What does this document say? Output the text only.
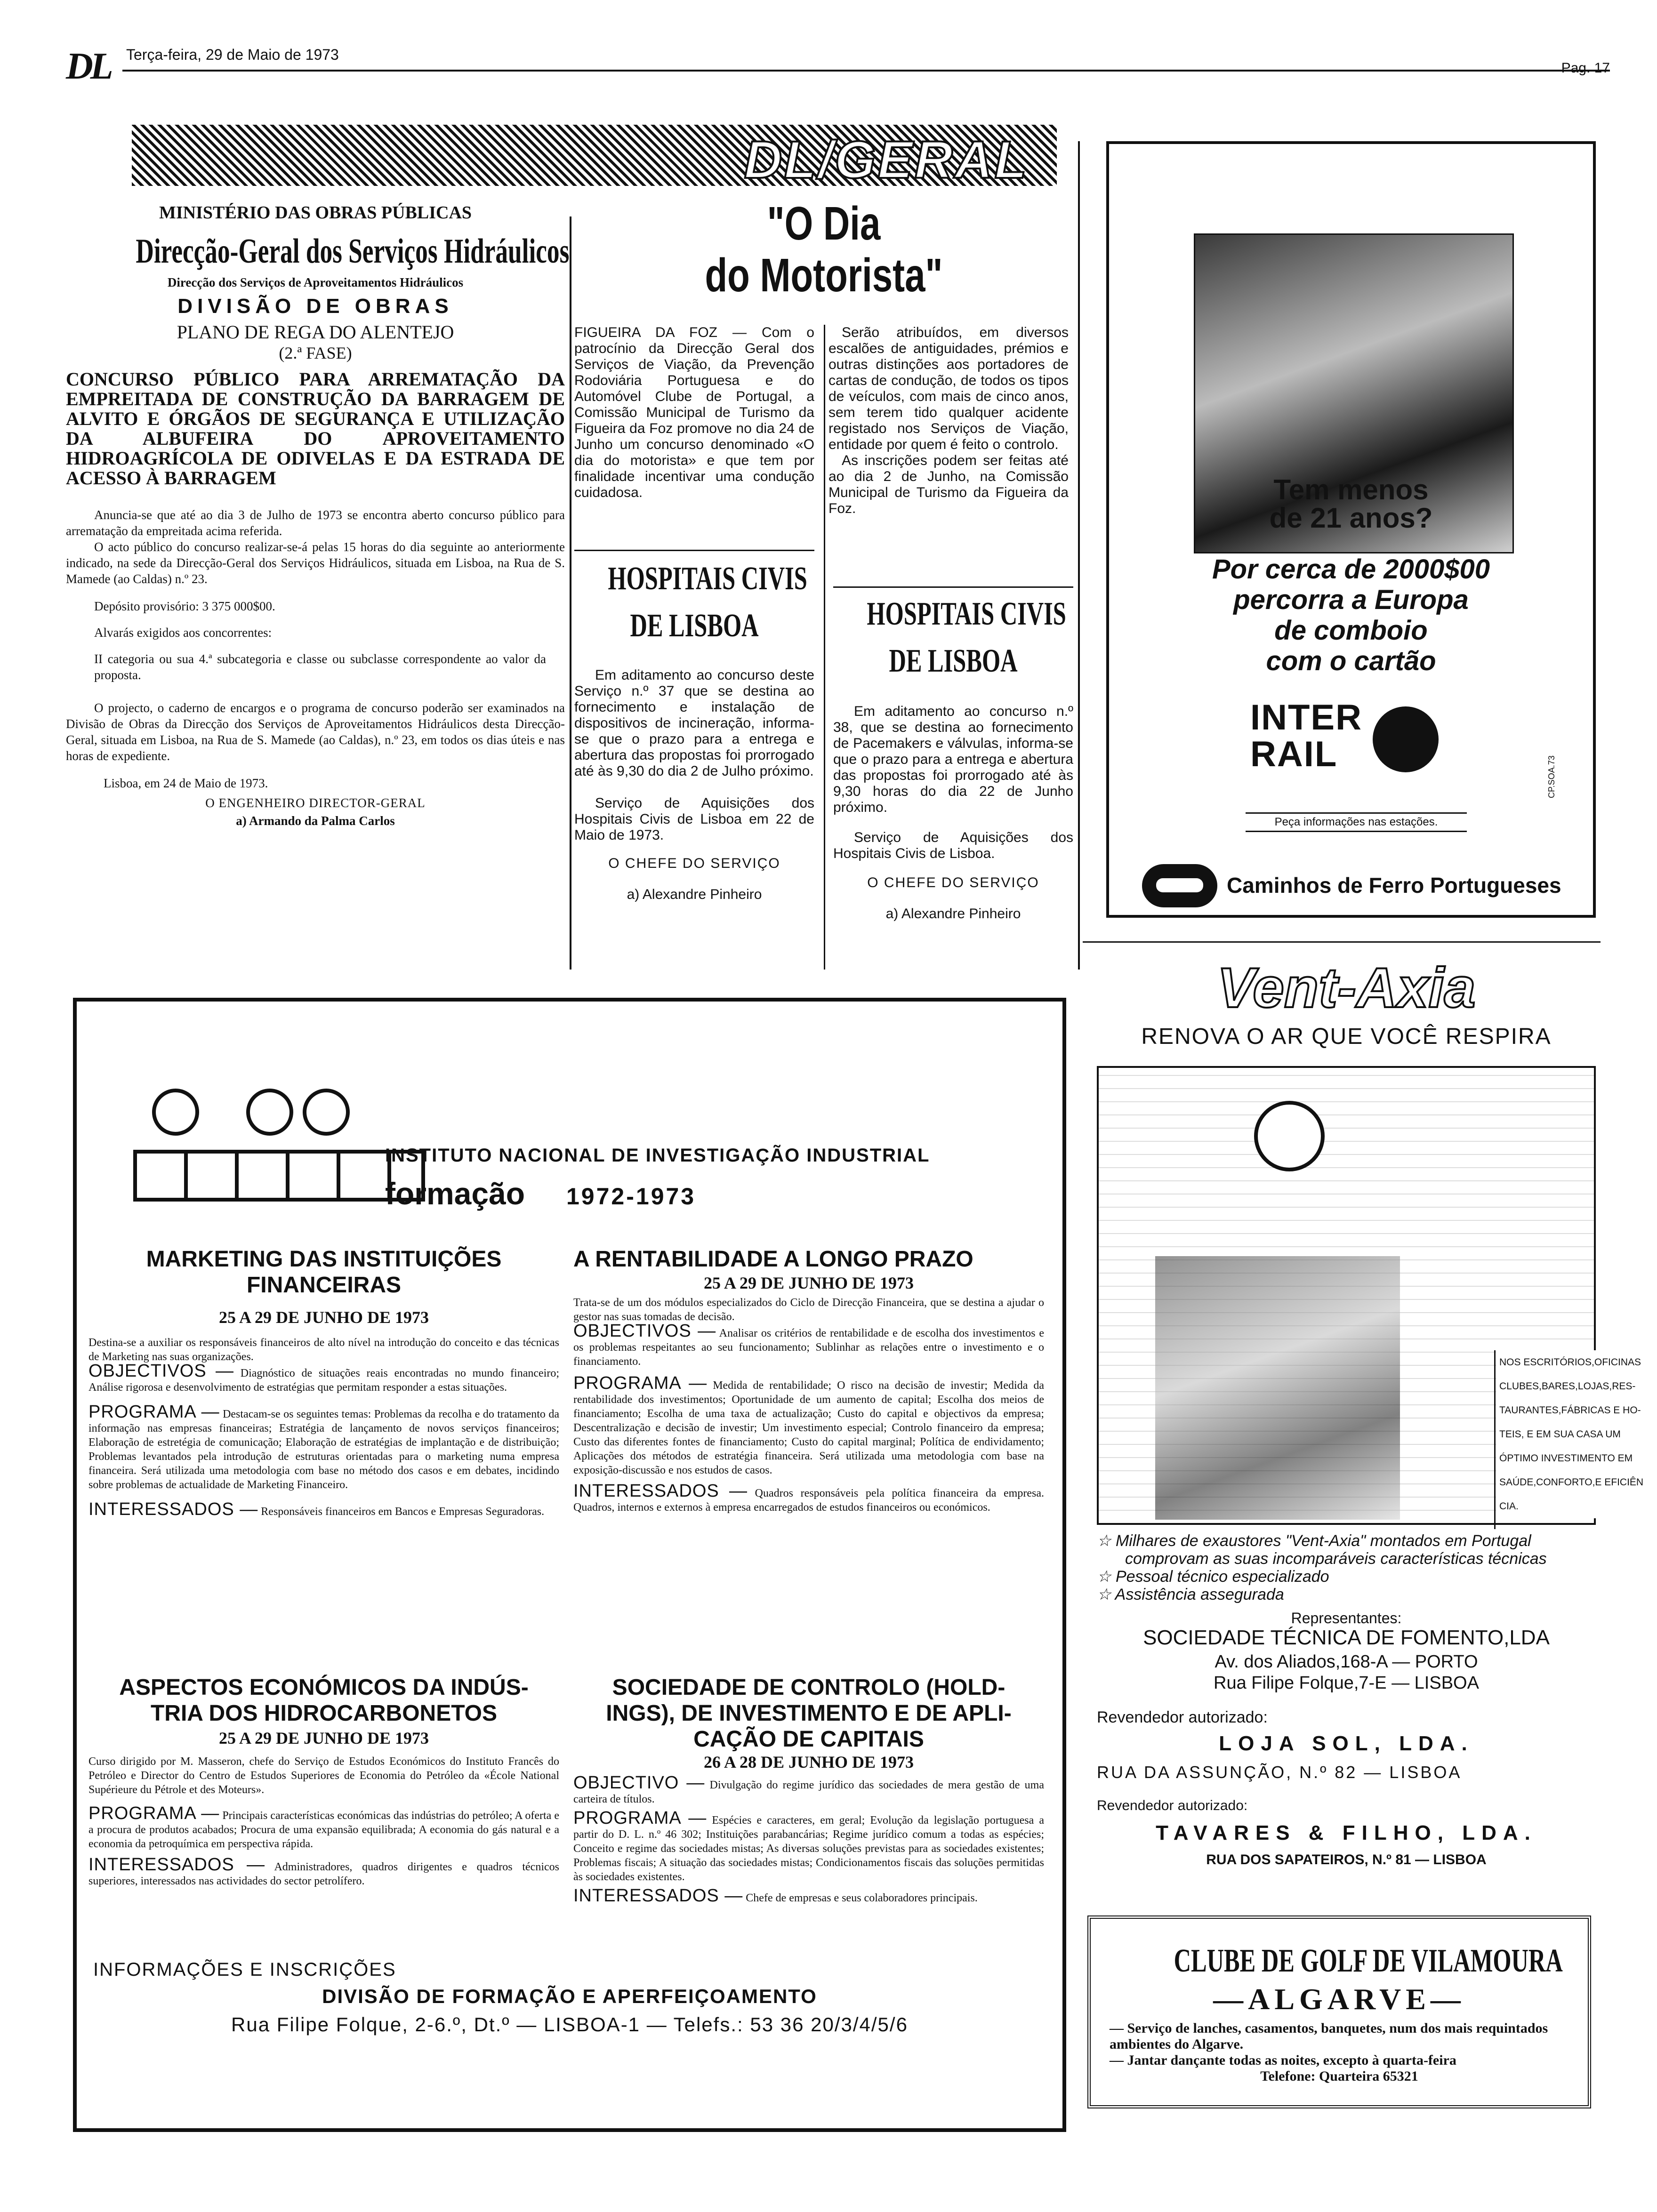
DL Terça-feira, 29 de Maio de 1973
Pag. 17
DL/GERAL
MINISTÉRIO DAS OBRAS PÚBLICAS
Direcção-Geral dos Serviços Hidráulicos
Direcção dos Serviços de Aproveitamentos Hidráulicos
DIVISÃO DE OBRAS
PLANO DE REGA DO ALENTEJO
(2.ª FASE)

CONCURSO PÚBLICO PARA ARREMATAÇÃO DA EMPREITADA DE CONSTRUÇÃO DA BARRAGEM DE ALVITO E ÓRGÃOS DE SEGURANÇA E UTILIZAÇÃO DA ALBUFEIRA DO APROVEITAMENTO HIDROAGRÍCOLA DE ODIVELAS E DA ESTRADA DE ACESSO À BARRAGEM

Anuncia-se que até ao dia 3 de Julho de 1973 se encontra aberto concurso público para arrematação da empreitada acima referida.

O acto público do concurso realizar-se-á pelas 15 horas do dia seguinte ao anteriormente indicado, na sede da Direcção-Geral dos Serviços Hidráulicos, situada em Lisboa, na Rua de S. Mamede (ao Caldas) n.º 23.

Depósito provisório: 3 375 000$00.

Alvarás exigidos aos concorrentes:

II categoria ou sua 4.ª subcategoria e classe ou subclasse correspondente ao valor da proposta.

O projecto, o caderno de encargos e o programa de concurso poderão ser examinados na Divisão de Obras da Direcção dos Serviços de Aproveitamentos Hidráulicos desta Direcção-Geral, situada em Lisboa, na Rua de S. Mamede (ao Caldas), n.º 23, em todos os dias úteis e nas horas de expediente.

Lisboa, em 24 de Maio de 1973.

O ENGENHEIRO DIRECTOR-GERAL

a) Armando da Palma Carlos

"O Dia
do Motorista"
FIGUEIRA DA FOZ — Com o patrocínio da Direcção Geral dos Serviços de Viação, da Prevenção Rodoviária Portuguesa e do Automóvel Clube de Portugal, a Comissão Municipal de Turismo da Figueira da Foz promove no dia 24 de Junho um concurso denominado «O dia do motorista» e que tem por finalidade incentivar uma condução cuidadosa.

Serão atribuídos, em diversos escalões de antiguidades, prémios e outras distinções aos portadores de cartas de condução, de todos os tipos de veículos, com mais de cinco anos, sem terem tido qualquer acidente registado nos Serviços de Viação, entidade por quem é feito o controlo.

As inscrições podem ser feitas até ao dia 2 de Junho, na Comissão Municipal de Turismo da Figueira da Foz.

HOSPITAIS CIVIS
DE LISBOA

Em aditamento ao concurso deste Serviço n.º 37 que se destina ao fornecimento e instalação de dispositivos de incineração, informa-se que o prazo para a entrega e abertura das propostas foi prorrogado até às 9,30 do dia 2 de Julho próximo.

Serviço de Aquisições dos Hospitais Civis de Lisboa em 22 de Maio de 1973.

O CHEFE DO SERVIÇO

a) Alexandre Pinheiro

HOSPITAIS CIVIS
DE LISBOA

Em aditamento ao concurso n.º 38, que se destina ao fornecimento de Pacemakers e válvulas, informa-se que o prazo para a entrega e abertura das propostas foi prorrogado até às 9,30 horas do dia 22 de Junho próximo.

Serviço de Aquisições dos Hospitais Civis de Lisboa.

O CHEFE DO SERVIÇO

a) Alexandre Pinheiro

Tem menos
de 21 anos?
Por cerca de 2000$00
percorra a Europa
de comboio
com o cartão
INTER
RAIL
Peça informações nas estações.
CP.SOA.73
Caminhos de Ferro Portugueses
Vent-Axia
RENOVA O AR QUE VOCÊ RESPIRA
NOS ESCRITÓRIOS,OFICINAS
CLUBES,BARES,LOJAS,RES-
TAURANTES,FÁBRICAS E HO-
TEIS, E EM SUA CASA UM
ÓPTIMO INVESTIMENTO EM
SAÚDE,CONFORTO,E EFICIÊN
CIA.
☆ Milhares de exaustores "Vent-Axia" montados em Portugal
comprovam as suas incomparáveis características técnicas
☆ Pessoal técnico especializado
☆ Assistência assegurada
Representantes:
SOCIEDADE TÉCNICA DE FOMENTO,LDA
Av. dos Aliados,168-A — PORTO
Rua Filipe Folque,7-E — LISBOA
Revendedor autorizado:
LOJA SOL, LDA.
RUA DA ASSUNÇÃO, N.º 82 — LISBOA
Revendedor autorizado:
TAVARES & FILHO, LDA.
RUA DOS SAPATEIROS, N.º 81 — LISBOA
CLUBE DE GOLF DE VILAMOURA
—ALGARVE—

— Serviço de lanches, casamentos, banquetes, num dos mais requintados ambientes do Algarve.

— Jantar dançante todas as noites, excepto à quarta-feira

Telefone: Quarteira 65321

INSTITUTO NACIONAL DE INVESTIGAÇÃO INDUSTRIAL
formação 1972-1973
MARKETING DAS INSTITUIÇÕES
FINANCEIRAS
25 A 29 DE JUNHO DE 1973

Destina-se a auxiliar os responsáveis financeiros de alto nível na introdução do conceito e das técnicas de Marketing nas suas organizações.

OBJECTIVOS — Diagnóstico de situações reais encontradas no mundo financeiro; Análise rigorosa e desenvolvimento de estratégias que permitam responder a estas situações.

PROGRAMA — Destacam-se os seguintes temas: Problemas da recolha e do tratamento da informação nas empresas financeiras; Estratégia de lançamento de novos serviços financeiros; Elaboração de estretégia de comunicação; Elaboração de estratégias de implantação e de distribuição; Problemas levantados pela introdução de estruturas orientadas para o marketing numa empresa financeira. Será utilizada uma metodologia com base no método dos casos e em debates, incidindo sobre problemas de actualidade de Marketing Financeiro.

INTERESSADOS — Responsáveis financeiros em Bancos e Empresas Seguradoras.

A RENTABILIDADE A LONGO PRAZO
25 A 29 DE JUNHO DE 1973

Trata-se de um dos módulos especializados do Ciclo de Direcção Financeira, que se destina a ajudar o gestor nas suas tomadas de decisão.

OBJECTIVOS — Analisar os critérios de rentabilidade e de escolha dos investimentos e os problemas respeitantes ao seu funcionamento; Sublinhar as relações entre o investimento e o financiamento.

PROGRAMA — Medida de rentabilidade; O risco na decisão de investir; Medida da rentabilidade dos investimentos; Oportunidade de um aumento de capital; Escolha dos meios de financiamento; Escolha de uma taxa de actualização; Custo do capital e objectivos da empresa; Descentralização e decisão de investir; Um investimento especial; Controlo financeiro da empresa; Custo das diferentes fontes de financiamento; Custo do capital marginal; Política de endividamento; Aplicações dos métodos de estratégia financeira. Será utilizada uma metodologia com base na exposição-discussão e nos estudos de casos.

INTERESSADOS — Quadros responsáveis pela política financeira da empresa. Quadros, internos e externos à empresa encarregados de estudos financeiros ou económicos.

ASPECTOS ECONÓMICOS DA INDÚS-
TRIA DOS HIDROCARBONETOS
25 A 29 DE JUNHO DE 1973

Curso dirigido por M. Masseron, chefe do Serviço de Estudos Económicos do Instituto Francês do Petróleo e Director do Centro de Estudos Superiores de Economia do Petróleo da «École National Supérieure du Pétrole et des Moteurs».

PROGRAMA — Principais características económicas das indústrias do petróleo; A oferta e a procura de produtos acabados; Procura de uma expansão equilibrada; A economia do gás natural e a economia da petroquímica em perspectiva rápida.

INTERESSADOS — Administradores, quadros dirigentes e quadros técnicos superiores, interessados nas actividades do sector petrolífero.

SOCIEDADE DE CONTROLO (HOLD-
INGS), DE INVESTIMENTO E DE APLI-
CAÇÃO DE CAPITAIS
26 A 28 DE JUNHO DE 1973

OBJECTIVO — Divulgação do regime jurídico das sociedades de mera gestão de uma carteira de títulos.

PROGRAMA — Espécies e caracteres, em geral; Evolução da legislação portuguesa a partir do D. L. n.º 46 302; Instituições parabancárias; Regime jurídico comum a todas as espécies; Conceito e regime das sociedades mistas; As diversas soluções previstas para as sociedades existentes; Problemas fiscais; A situação das sociedades mistas; Condicionamentos fiscais das soluções permitidas às sociedades existentes.

INTERESSADOS — Chefe de empresas e seus colaboradores principais.

INFORMAÇÕES E INSCRIÇÕES
DIVISÃO DE FORMAÇÃO E APERFEIÇOAMENTO
Rua Filipe Folque, 2-6.º, Dt.º — LISBOA-1 — Telefs.: 53 36 20/3/4/5/6
